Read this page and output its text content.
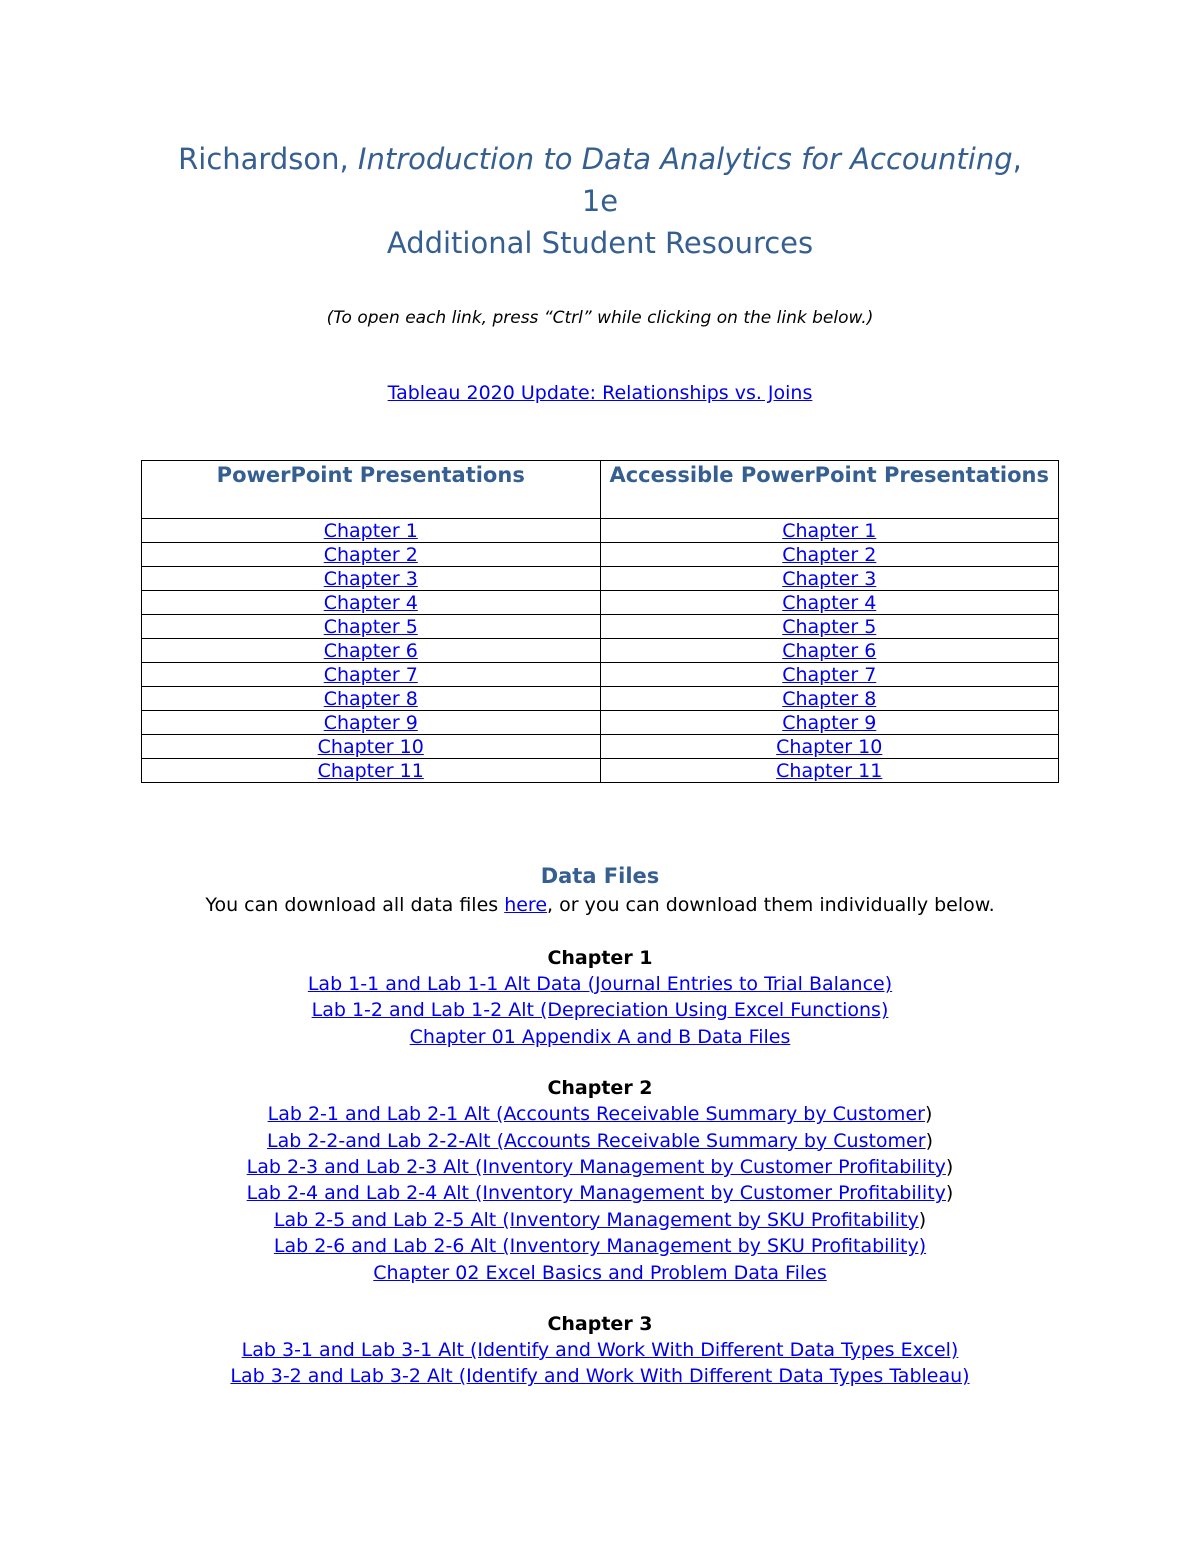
Richardson, Introduction to Data Analytics for Accounting,
1e
Additional Student Resources
(To open each link, press “Ctrl” while clicking on the link below.)
Tableau 2020 Update: Relationships vs. Joins
PowerPoint Presentations	Accessible PowerPoint Presentations
Chapter 1	Chapter 1
Chapter 2	Chapter 2
Chapter 3	Chapter 3
Chapter 4	Chapter 4
Chapter 5	Chapter 5
Chapter 6	Chapter 6
Chapter 7	Chapter 7
Chapter 8	Chapter 8
Chapter 9	Chapter 9
Chapter 10	Chapter 10
Chapter 11	Chapter 11
Data Files
You can download all data files here, or you can download them individually below.
Chapter 1
Lab 1-1 and Lab 1-1 Alt Data (Journal Entries to Trial Balance)
Lab 1-2 and Lab 1-2 Alt (Depreciation Using Excel Functions)
Chapter 01 Appendix A and B Data Files
Chapter 2
Lab 2-1 and Lab 2-1 Alt (Accounts Receivable Summary by Customer)
Lab 2-2-and Lab 2-2-Alt (Accounts Receivable Summary by Customer)
Lab 2-3 and Lab 2-3 Alt (Inventory Management by Customer Profitability)
Lab 2-4 and Lab 2-4 Alt (Inventory Management by Customer Profitability)
Lab 2-5 and Lab 2-5 Alt (Inventory Management by SKU Profitability)
Lab 2-6 and Lab 2-6 Alt (Inventory Management by SKU Profitability)
Chapter 02 Excel Basics and Problem Data Files
Chapter 3
Lab 3-1 and Lab 3-1 Alt (Identify and Work With Different Data Types Excel)
Lab 3-2 and Lab 3-2 Alt (Identify and Work With Different Data Types Tableau)
